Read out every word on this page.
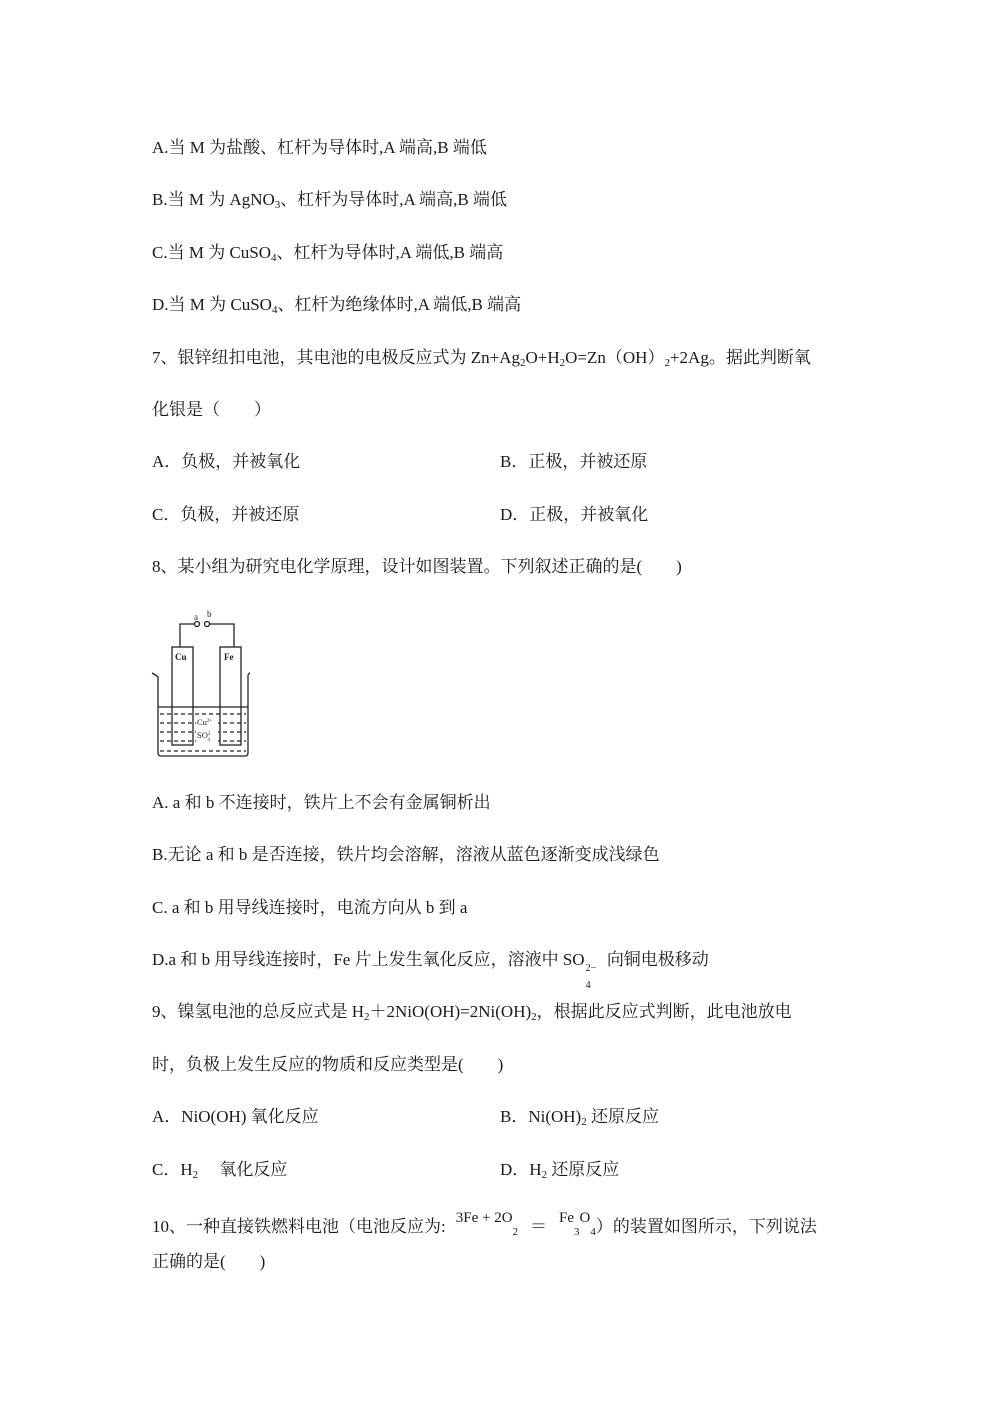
A.当 M 为盐酸、杠杆为导体时,A 端高,B 端低
B.当 M 为 AgNO$_3$、杠杆为导体时,A 端高,B 端低
C.当 M 为 CuSO$_4$、杠杆为导体时,A 端低,B 端高
D.当 M 为 CuSO$_4$、杠杆为绝缘体时,A 端低,B 端高
7、银锌纽扣电池，其电池的电极反应式为 $Zn+Ag_2O+H_2O=Zn(OH)_2+2Ag$。据此判断氧
化银是（　　）
A．负极，并被氧化	B．正极，并被还原
C．负极，并被还原	D．正极，并被氧化
8、某小组为研究电化学原理，设计如图装置。下列叙述正确的是(　　)
a b
Cu	Fe
$Cu^{2+}$
$SO^2$ 4
A. a 和 b 不连接时，铁片上不会有金属铜析出
B.无论 a 和 b 是否连接，铁片均会溶解，溶液从蓝色逐渐变成浅绿色
C. a 和 b 用导线连接时，电流方向从 b 到 a
D.a 和 b 用导线连接时，Fe 片上发生氧化反应，溶液中 SO 2−
4
向铜电极移动
9、镍氢电池的总反应式是 $H_2+2NiO(OH)=2Ni(OH)_2$，根据此反应式判断，此电池放电
时，负极上发生反应的物质和反应类型是(　　)
A．NiO(OH) 氧化反应	B．$Ni(OH)_2$ 还原反应
C．$H_2$　 氧化反应	D．$H_2$ 还原反应
10、一种直接铁燃料电池（电池反应为: $3Fe + 2O_2 = Fe_3O_4$）的装置如图所示，下列说法
正确的是(　　)
